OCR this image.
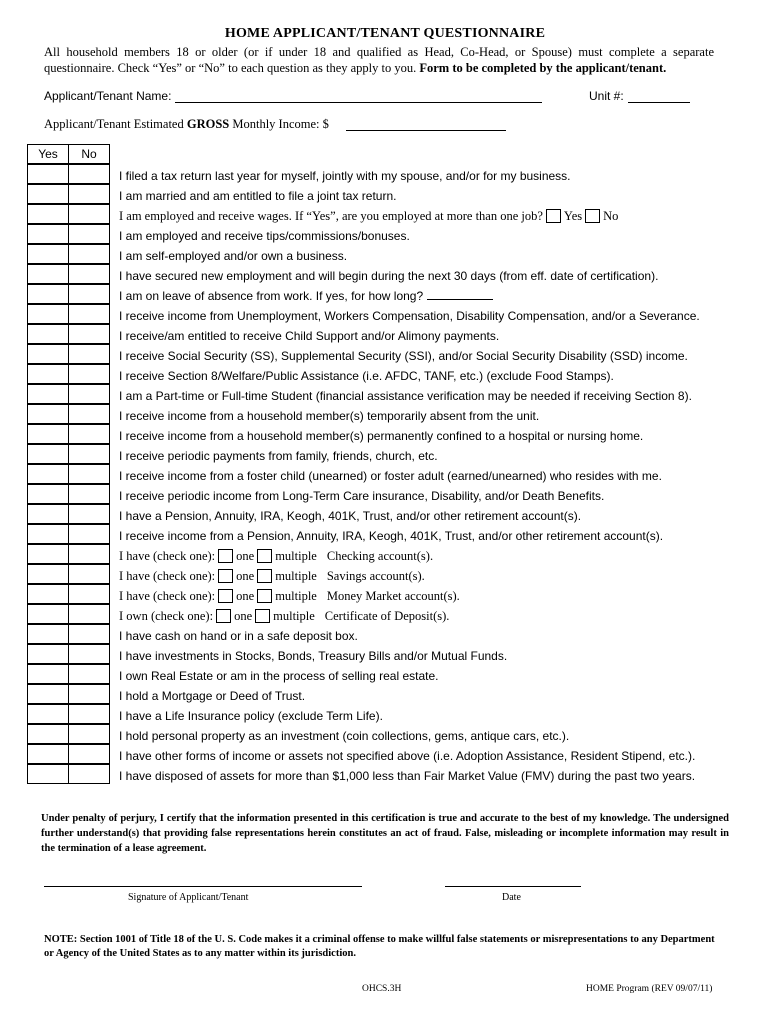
HOME APPLICANT/TENANT QUESTIONNAIRE
All household members 18 or older (or if under 18 and qualified as Head, Co-Head, or Spouse) must complete a separate questionnaire. Check “Yes” or “No” to each question as they apply to you. Form to be completed by the applicant/tenant.
Applicant/Tenant Name:	Unit #:
Applicant/Tenant Estimated GROSS Monthly Income: $
Yes	No
I filed a tax return last year for myself, jointly with my spouse, and/or for my business.
I am married and am entitled to file a joint tax return.
I am employed and receive wages. If “Yes”, are you employed at more than one job? Yes No
I am employed and receive tips/commissions/bonuses.
I am self-employed and/or own a business.
I have secured new employment and will begin during the next 30 days (from eff. date of certification).
I am on leave of absence from work. If yes, for how long?
I receive income from Unemployment, Workers Compensation, Disability Compensation, and/or a Severance.
I receive/am entitled to receive Child Support and/or Alimony payments.
I receive Social Security (SS), Supplemental Security (SSI), and/or Social Security Disability (SSD) income.
I receive Section 8/Welfare/Public Assistance (i.e. AFDC, TANF, etc.) (exclude Food Stamps).
I am a Part-time or Full-time Student (financial assistance verification may be needed if receiving Section 8).
I receive income from a household member(s) temporarily absent from the unit.
I receive income from a household member(s) permanently confined to a hospital or nursing home.
I receive periodic payments from family, friends, church, etc.
I receive income from a foster child (unearned) or foster adult (earned/unearned) who resides with me.
I receive periodic income from Long-Term Care insurance, Disability, and/or Death Benefits.
I have a Pension, Annuity, IRA, Keogh, 401K, Trust, and/or other retirement account(s).
I receive income from a Pension, Annuity, IRA, Keogh, 401K, Trust, and/or other retirement account(s).
I have (check one): one multiple Checking account(s).
I have (check one): one multiple Savings account(s).
I have (check one): one multiple Money Market account(s).
I own (check one): one multiple Certificate of Deposit(s).
I have cash on hand or in a safe deposit box.
I have investments in Stocks, Bonds, Treasury Bills and/or Mutual Funds.
I own Real Estate or am in the process of selling real estate.
I hold a Mortgage or Deed of Trust.
I have a Life Insurance policy (exclude Term Life).
I hold personal property as an investment (coin collections, gems, antique cars, etc.).
I have other forms of income or assets not specified above (i.e. Adoption Assistance, Resident Stipend, etc.).
I have disposed of assets for more than $1,000 less than Fair Market Value (FMV) during the past two years.
Under penalty of perjury, I certify that the information presented in this certification is true and accurate to the best of my knowledge. The undersigned further understand(s) that providing false representations herein constitutes an act of fraud. False, misleading or incomplete information may result in the termination of a lease agreement.
Signature of Applicant/Tenant	Date
NOTE: Section 1001 of Title 18 of the U. S. Code makes it a criminal offense to make willful false statements or misrepresentations to any Department or Agency of the United States as to any matter within its jurisdiction.
OHCS.3H	HOME Program (REV 09/07/11)
